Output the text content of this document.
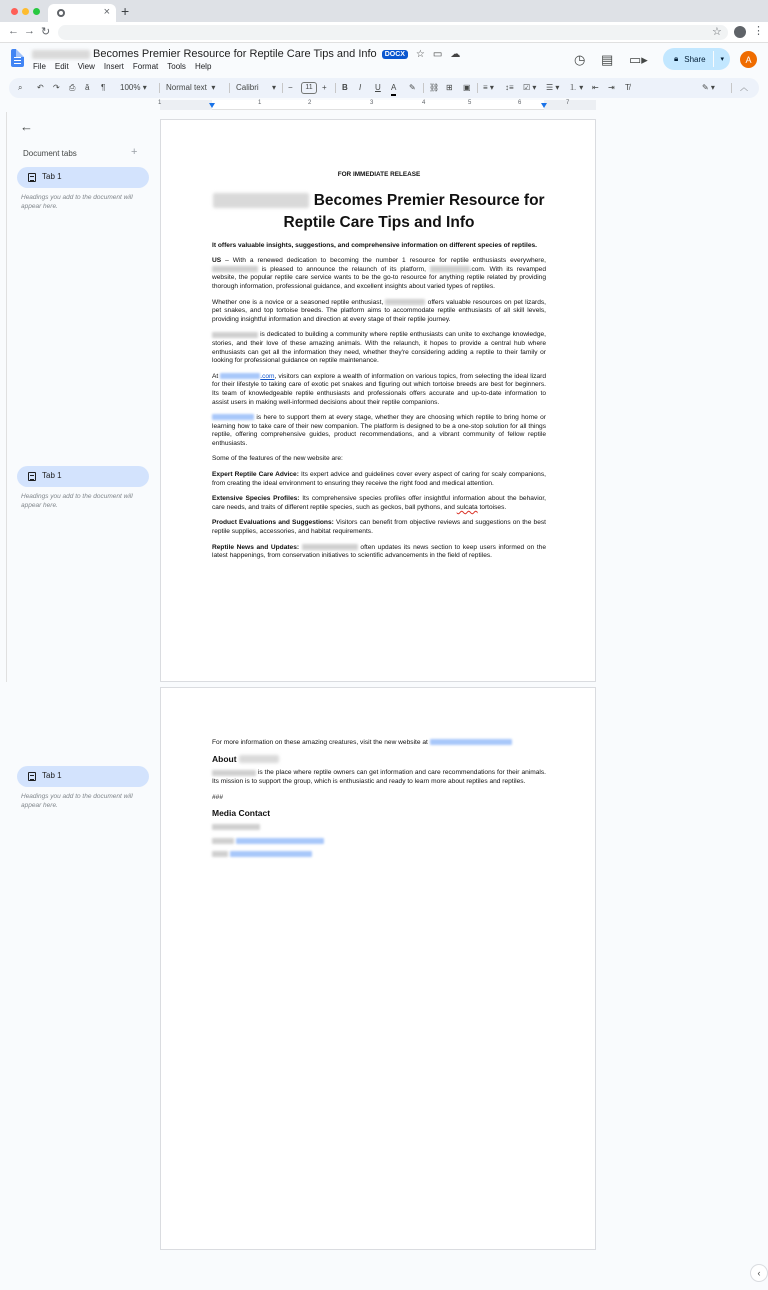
× +
← → ↻	☆	⋮
Becomes Premier Resource for Reptile Care Tips and Info	DOCX	☆ ▭ ☁
File Edit View Insert Format Tools Help	◷ ▤ ▭▸	🔒︎ Share ▾	A
⌕ ↶ ↷ ⎙ ǎ ¶ 100% ▾ Normal text  ▾	Calibri      ▾ −	11	+ B I U A ✎ ⛓ ⊞ ▣ ≡ ▾ ↕≡ ☑ ▾ ☰ ▾ ⒈ ▾ ⇤ ⇥ T̸	✎ ▾	︿
1	1	2	3	4	5	6	7
←
Document tabs	+
Tab 1
Headings you add to the document will appear here.
Tab 1
Headings you add to the document will appear here.
Tab 1
Headings you add to the document will appear here.

FOR IMMEDIATE RELEASE

Becomes Premier Resource for
Reptile Care Tips and Info

It offers valuable insights, suggestions, and comprehensive information on different species of reptiles.

US – With a renewed dedication to becoming the number 1 resource for reptile enthusiasts everywhere,  is pleased to announce the relaunch of its platform,	.com. With its revamped website, the popular reptile care service wants to be the go-to resource for anything reptile related by providing thorough information, professional guidance, and excellent insights about varied types of reptiles.

Whether one is a novice or a seasoned reptile enthusiast,	offers valuable resources on pet lizards, pet snakes, and top tortoise breeds. The platform aims to accommodate reptile enthusiasts of all skill levels, providing insightful information and direction at every stage of their reptile journey.

is dedicated to building a community where reptile enthusiasts can unite to exchange knowledge, stories, and their love of these amazing animals. With the relaunch, it hopes to provide a central hub where enthusiasts can get all the information they need, whether they're considering adding a reptile to their family or looking for professional guidance on reptile maintenance.

At	.com, visitors can explore a wealth of information on various topics, from selecting the ideal lizard for their lifestyle to taking care of exotic pet snakes and figuring out which tortoise breeds are best for beginners. Its team of knowledgeable reptile enthusiasts and professionals offers accurate and up-to-date information to assist users in making well-informed decisions about their reptile companions.

is here to support them at every stage, whether they are choosing which reptile to bring home or learning how to take care of their new companion. The platform is designed to be a one-stop solution for all things reptile, offering comprehensive guides, product recommendations, and a vibrant community of fellow reptile enthusiasts.

Some of the features of the new website are:

Expert Reptile Care Advice: Its expert advice and guidelines cover every aspect of caring for scaly companions, from creating the ideal environment to ensuring they receive the right food and medical attention.

Extensive Species Profiles: Its comprehensive species profiles offer insightful information about the behavior, care needs, and traits of different reptile species, such as geckos, ball pythons, and sulcata tortoises.

Product Evaluations and Suggestions: Visitors can benefit from objective reviews and suggestions on the best reptile supplies, accessories, and habitat requirements.

Reptile News and Updates:	often updates its news section to keep users informed on the latest happenings, from conservation initiatives to scientific advancements in the field of reptiles.

For more information on these amazing creatures, visit the new website at

About

is the place where reptile owners can get information and care recommendations for their animals. Its mission is to support the group, which is enthusiastic and ready to learn more about reptiles and reptiles.

###

Media Contact

‹
